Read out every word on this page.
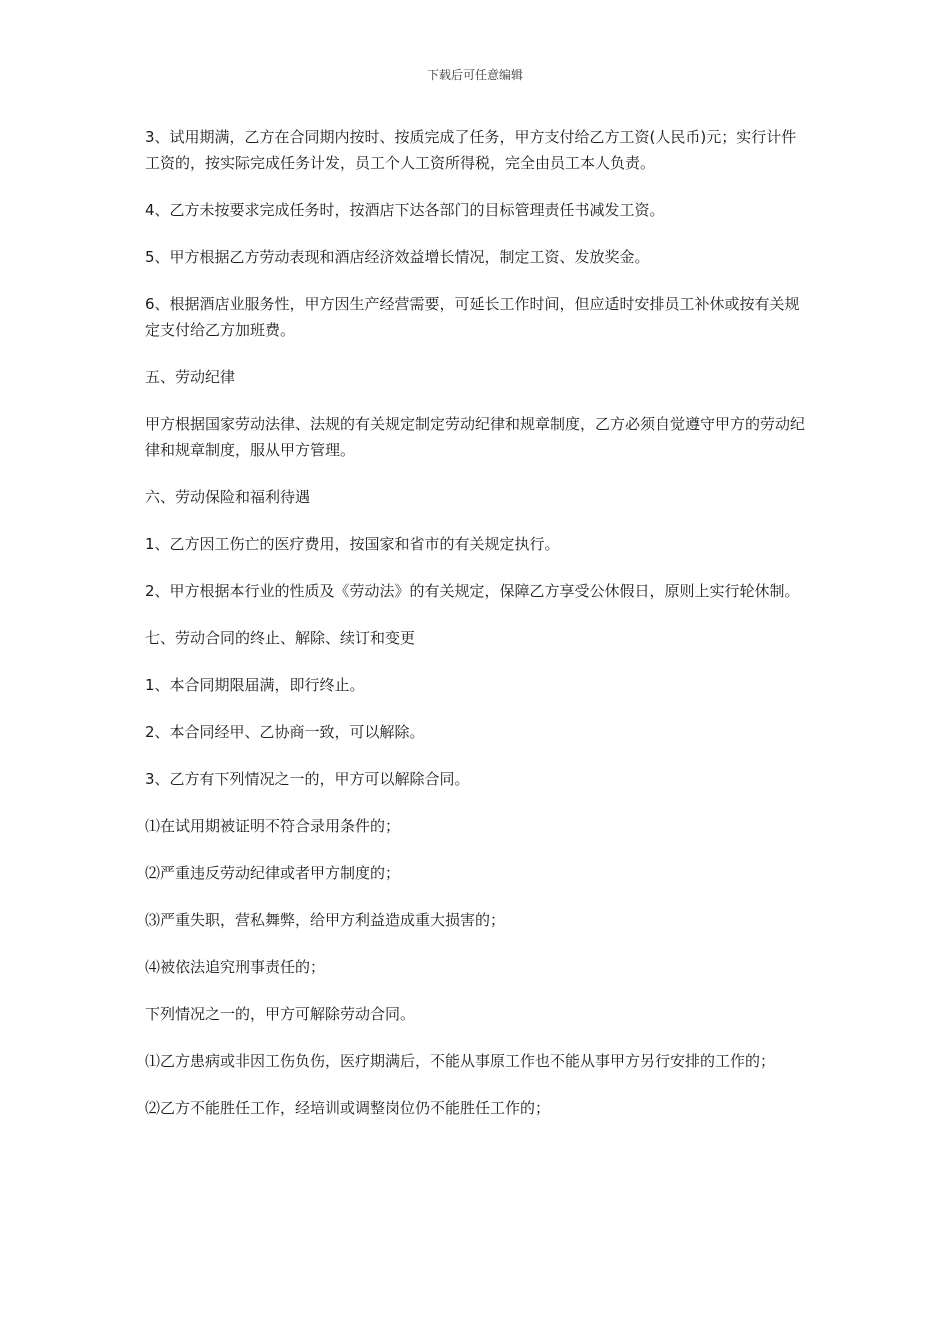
下载后可任意编辑

3、试用期满，乙方在合同期内按时、按质完成了任务，甲方支付给乙方工资(人民币)元；实行计件工资的，按实际完成任务计发，员工个人工资所得税，完全由员工本人负责。

4、乙方未按要求完成任务时，按酒店下达各部门的目标管理责任书减发工资。

5、甲方根据乙方劳动表现和酒店经济效益增长情况，制定工资、发放奖金。

6、根据酒店业服务性，甲方因生产经营需要，可延长工作时间，但应适时安排员工补休或按有关规定支付给乙方加班费。

五、劳动纪律

甲方根据国家劳动法律、法规的有关规定制定劳动纪律和规章制度，乙方必须自觉遵守甲方的劳动纪律和规章制度，服从甲方管理。

六、劳动保险和福利待遇

1、乙方因工伤亡的医疗费用，按国家和省市的有关规定执行。

2、甲方根据本行业的性质及《劳动法》的有关规定，保障乙方享受公休假日，原则上实行轮休制。

七、劳动合同的终止、解除、续订和变更

1、本合同期限届满，即行终止。

2、本合同经甲、乙协商一致，可以解除。

3、乙方有下列情况之一的，甲方可以解除合同。

⑴在试用期被证明不符合录用条件的；

⑵严重违反劳动纪律或者甲方制度的；

⑶严重失职，营私舞弊，给甲方利益造成重大损害的；

⑷被依法追究刑事责任的；

下列情况之一的，甲方可解除劳动合同。

⑴乙方患病或非因工伤负伤，医疗期满后，不能从事原工作也不能从事甲方另行安排的工作的；

⑵乙方不能胜任工作，经培训或调整岗位仍不能胜任工作的；
